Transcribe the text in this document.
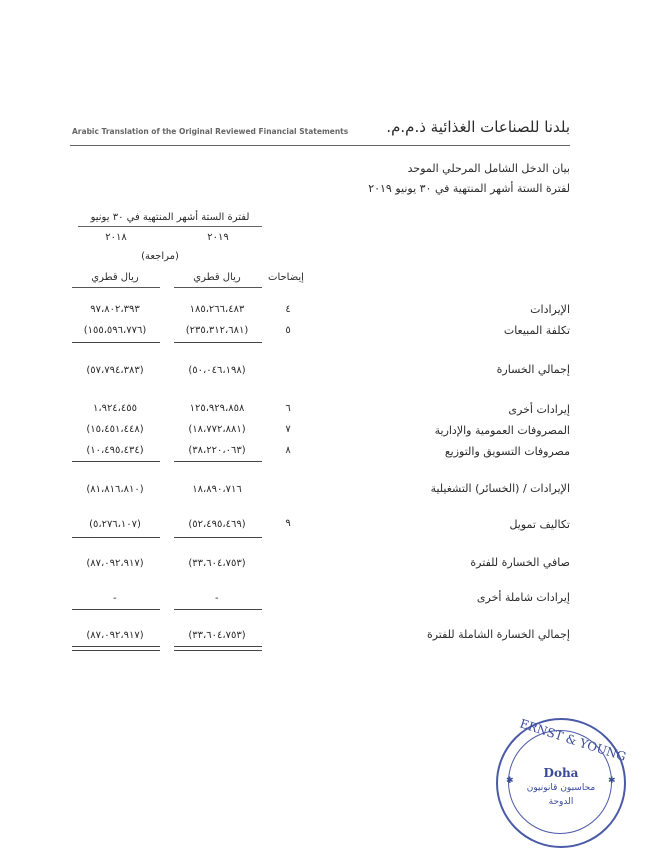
بلدنا للصناعات الغذائية ذ.م.م.
Arabic Translation of the Original Reviewed Financial Statements
بيان الدخل الشامل المرحلي الموحد
لفترة الستة أشهر المنتهية في ٣٠ يونيو ٢٠١٩
لفترة الستة أشهر المنتهية في ٣٠ يونيو
٢٠١٩
٢٠١٨
(مراجعة)
ريال قطري
ريال قطري	إيضاحات
الإيرادات
٤
١٨٥،٢٦٦،٤٨٣
٩٧،٨٠٢،٣٩٣
تكلفة المبيعات
٥
(٢٣٥،٣١٢،٦٨١)
(١٥٥،٥٩٦،٧٧٦)
إجمالي الخسارة
(٥٠،٠٤٦،١٩٨)
(٥٧،٧٩٤،٣٨٣)
إيرادات أخرى
٦
١٢٥،٩٢٩،٨٥٨
١،٩٢٤،٤٥٥
المصروفات العمومية والإدارية
٧
(١٨،٧٧٢،٨٨١)
(١٥،٤٥١،٤٤٨)
مصروفات التسويق والتوزيع
٨
(٣٨،٢٢٠،٠٦٣)
(١٠،٤٩٥،٤٣٤)
الإيرادات / (الخسائر) التشغيلية
١٨،٨٩٠،٧١٦
(٨١،٨١٦،٨١٠)
تكاليف تمويل
٩
(٥٢،٤٩٥،٤٦٩)
(٥،٢٧٦،١٠٧)
صافي الخسارة للفترة
(٣٣،٦٠٤،٧٥٣)
(٨٧،٠٩٢،٩١٧)
إيرادات شاملة أخرى
-
-
إجمالي الخسارة الشاملة للفترة
(٣٣،٦٠٤،٧٥٣)
(٨٧،٠٩٢،٩١٧)
ERNST & YOUNG
✱	✱
Doha
محاسبون قانونيون
الدوحة
